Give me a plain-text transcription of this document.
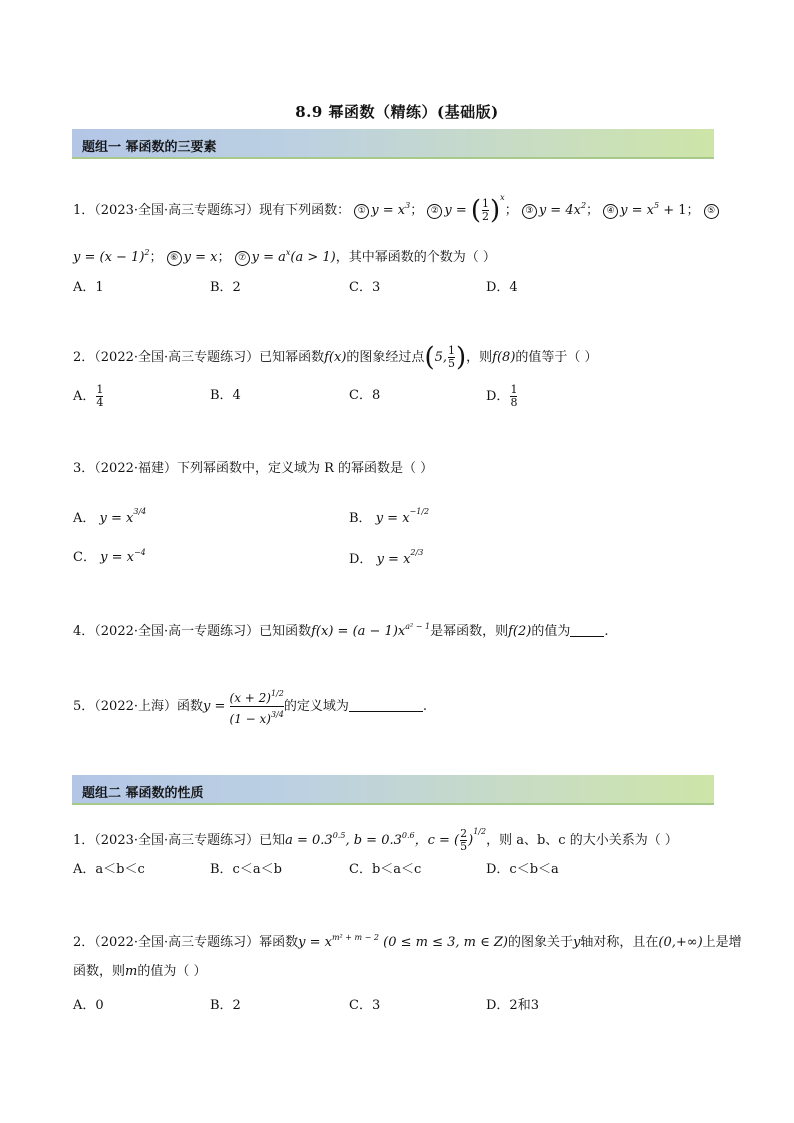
8.9 幂函数（精练）(基础版)
题组一 幂函数的三要素
1．（2023·全国·高三专题练习）现有下列函数： ① $y = x^3$； ② y = ( $\frac{1}{2} )^x$； ③ $y = 4x^2$； ④ $y = x^5 + 1$； ⑤
$y = (x - 1)^2$； ⑥ y = x； ⑦ $y = a^x(a > 1)$，其中幂函数的个数为（ ）
A．1	B．2	C．3	D．4
2．（2022·全国·高三专题练习）已知幂函数f(x)的图象经过点(5, $\frac{1}{5}$ )，则f(8)的值等于（ ）
A． $\frac{1}{4}$	B．4	C．8	D． $\frac{1}{8}$
3．（2022·福建）下列幂函数中，定义域为 R 的幂函数是（ ）
A． $y = x^{3/4}$	B． $y = x^{-1/2}$
C． $y = x^{-4}$	D． $y = x^{2/3}$
4．（2022·全国·高一专题练习）已知函数$f(x) = (a - 1)x^{a^2 - 1}$是幂函数，则f(2)的值为	.
5．（2022·上海）函数$y = \frac{(x + 2)^{1/2}}{(1 - x)^{3/4}}$ 的定义域为	.
题组二 幂函数的性质
1．（2023·全国·高三专题练习）已知$a = 0.3^{0.5}$, $b = 0.3^{0.6}$，c = ( $\frac{2}{5} )^{1/2}$，则 a、b、c 的大小关系为（ ）
A．a＜b＜c	B．c＜a＜b	C．b＜a＜c	D．c＜b＜a
2．（2022·全国·高三专题练习）幂函数$y = x^{m^2 + m - 2}$ (0 ≤ m ≤ 3, m ∈ Z)的图象关于y轴对称，且在(0,+∞)上是增
函数，则m的值为（ ）
A．0	B．2	C．3	D．2和3
